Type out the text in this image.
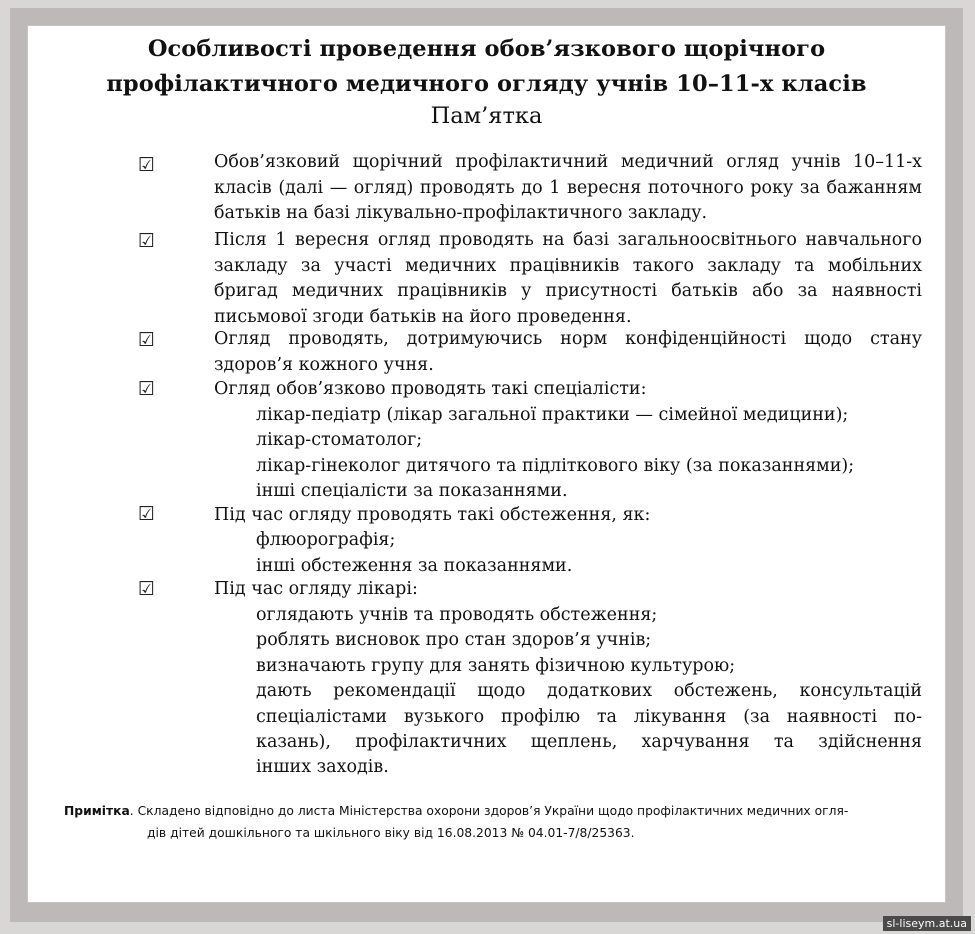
Особливості проведення обов’язкового щорічного
профілактичного медичного огляду учнів 10–11-х класів
Пам’ятка
☑	Обов’язковий щорічний профілактичний медичний огляд учнів 10–11-х класів (далі — огляд) проводять до 1 вересня поточного року за бажанням батьків на базі лікувально-профілактичного закладу.
☑	Після 1 вересня огляд проводять на базі загальноосвітнього навчального закладу за участі медичних працівників такого закладу та мобільних бригад медичних працівників у присутності батьків або за наявності письмової згоди батьків на його проведення.
☑	Огляд проводять, дотримуючись норм конфіденційності щодо стану здоров’я кожного учня.
☑	Огляд обов’язково проводять такі спеціалісти:
лікар-педіатр (лікар загальної практики — сімейної медицини);
лікар-стоматолог;
лікар-гінеколог дитячого та підліткового віку (за показаннями);
інші спеціалісти за показаннями.
☑	Під час огляду проводять такі обстеження, як:
флюорографія;
інші обстеження за показаннями.
☑	Під час огляду лікарі:
оглядають учнів та проводять обстеження;
роблять висновок про стан здоров’я учнів;
визначають групу для занять фізичною культурою;
дають рекомендації щодо додаткових обстежень, консультацій
спеціалістами вузького профілю та лікування (за наявності по-
казань), профілактичних щеплень, харчування та здійснення
інших заходів.
Примітка. Складено відповідно до листа Міністерства охорони здоров’я України щодо профілактичних медичних огля-
дів дітей дошкільного та шкільного віку від 16.08.2013 № 04.01-7/8/25363.
sl-liseym.at.ua
